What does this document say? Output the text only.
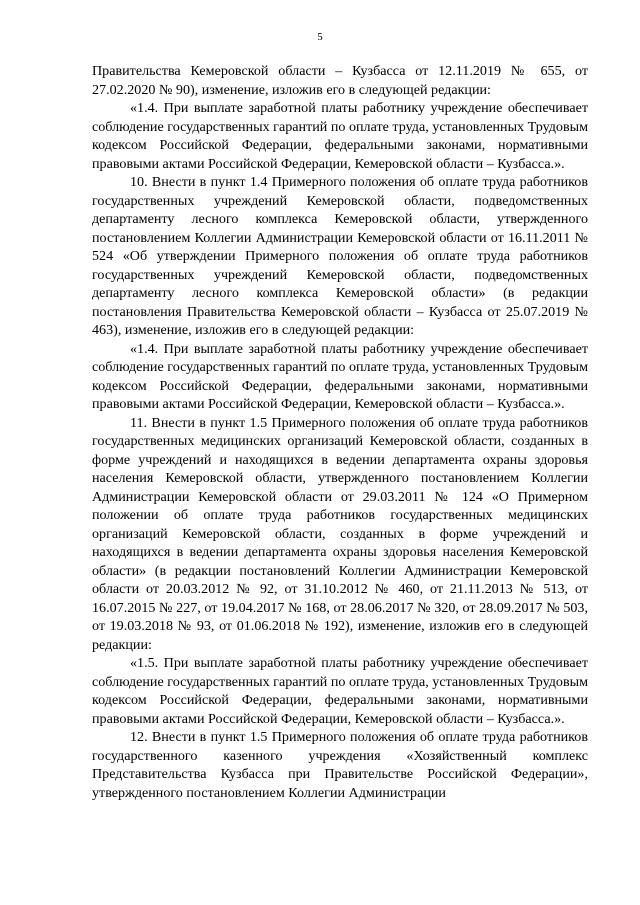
5

Правительства Кемеровской области – Кузбасса от 12.11.2019 № 655, от 27.02.2020 № 90), изменение, изложив его в следующей редакции:

«1.4. При выплате заработной платы работнику учреждение обеспечивает соблюдение государственных гарантий по оплате труда, установленных Трудовым кодексом Российской Федерации, федеральными законами, нормативными правовыми актами Российской Федерации, Кемеровской области – Кузбасса.».

10. Внести в пункт 1.4 Примерного положения об оплате труда работников государственных учреждений Кемеровской области, подведомственных департаменту лесного комплекса Кемеровской области, утвержденного постановлением Коллегии Администрации Кемеровской области от 16.11.2011 № 524 «Об утверждении Примерного положения об оплате труда работников государственных учреждений Кемеровской области, подведомственных департаменту лесного комплекса Кемеровской области» (в редакции постановления Правительства Кемеровской области – Кузбасса от 25.07.2019 № 463), изменение, изложив его в следующей редакции:

«1.4. При выплате заработной платы работнику учреждение обеспечивает соблюдение государственных гарантий по оплате труда, установленных Трудовым кодексом Российской Федерации, федеральными законами, нормативными правовыми актами Российской Федерации, Кемеровской области – Кузбасса.».

11. Внести в пункт 1.5 Примерного положения об оплате труда работников государственных медицинских организаций Кемеровской области, созданных в форме учреждений и находящихся в ведении департамента охраны здоровья населения Кемеровской области, утвержденного постановлением Коллегии Администрации Кемеровской области от 29.03.2011 № 124 «О Примерном положении об оплате труда работников государственных медицинских организаций Кемеровской области, созданных в форме учреждений и находящихся в ведении департамента охраны здоровья населения Кемеровской области» (в редакции постановлений Коллегии Администрации Кемеровской области от 20.03.2012 № 92, от 31.10.2012 № 460, от 21.11.2013 № 513, от 16.07.2015 № 227, от 19.04.2017 № 168, от 28.06.2017 № 320, от 28.09.2017 № 503, от 19.03.2018 № 93, от 01.06.2018 № 192), изменение, изложив его в следующей редакции:

«1.5. При выплате заработной платы работнику учреждение обеспечивает соблюдение государственных гарантий по оплате труда, установленных Трудовым кодексом Российской Федерации, федеральными законами, нормативными правовыми актами Российской Федерации, Кемеровской области – Кузбасса.».

12. Внести в пункт 1.5 Примерного положения об оплате труда работников государственного казенного учреждения «Хозяйственный комплекс Представительства Кузбасса при Правительстве Российской Федерации», утвержденного постановлением Коллегии Администрации
